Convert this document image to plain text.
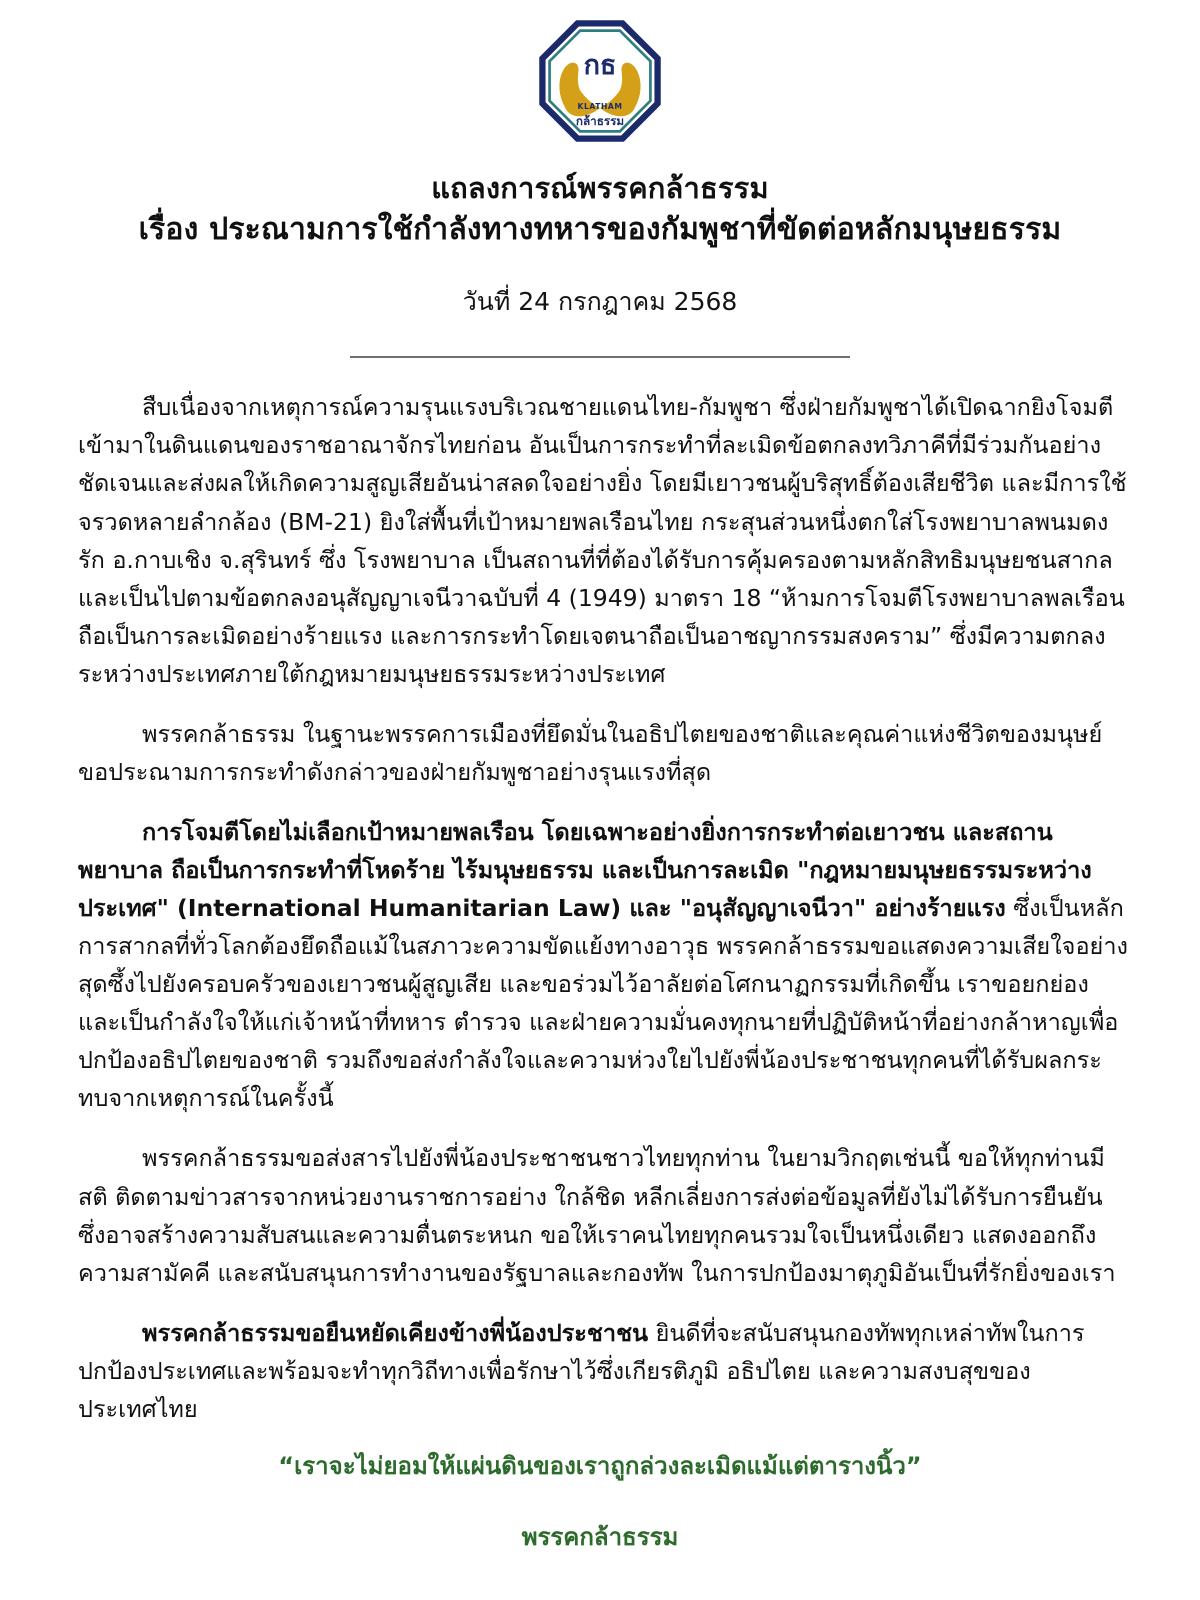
กธ
KLATHAM
กล้าธรรม
แถลงการณ์พรรคกล้าธรรม
เรื่อง ประณามการใช้กำลังทางทหารของกัมพูชาที่ขัดต่อหลักมนุษยธรรม
วันที่ 24 กรกฎาคม 2568

สืบเนื่องจากเหตุการณ์ความรุนแรงบริเวณชายแดนไทย-กัมพูชา ซึ่งฝ่ายกัมพูชาได้เปิดฉากยิงโจมตีเข้ามาในดินแดนของราชอาณาจักรไทยก่อน อันเป็นการกระทำที่ละเมิดข้อตกลงทวิภาคีที่มีร่วมกันอย่างชัดเจนและส่งผลให้เกิดความสูญเสียอันน่าสลดใจอย่างยิ่ง โดยมีเยาวชนผู้บริสุทธิ์ต้องเสียชีวิต และมีการใช้จรวดหลายลำกล้อง (BM-21) ยิงใส่พื้นที่เป้าหมายพลเรือนไทย กระสุนส่วนหนึ่งตกใส่โรงพยาบาลพนมดงรัก อ.กาบเชิง จ.สุรินทร์ ซึ่ง โรงพยาบาล เป็นสถานที่ที่ต้องได้รับการคุ้มครองตามหลักสิทธิมนุษยชนสากล และเป็นไปตามข้อตกลงอนุสัญญาเจนีวาฉบับที่ 4 (1949) มาตรา 18 “ห้ามการโจมตีโรงพยาบาลพลเรือน ถือเป็นการละเมิดอย่างร้ายแรง และการกระทำโดยเจตนาถือเป็นอาชญากรรมสงคราม” ซึ่งมีความตกลงระหว่างประเทศภายใต้กฎหมายมนุษยธรรมระหว่างประเทศ

พรรคกล้าธรรม ในฐานะพรรคการเมืองที่ยึดมั่นในอธิปไตยของชาติและคุณค่าแห่งชีวิตของมนุษย์ ขอประณามการกระทำดังกล่าวของฝ่ายกัมพูชาอย่างรุนแรงที่สุด

การโจมตีโดยไม่เลือกเป้าหมายพลเรือน โดยเฉพาะอย่างยิ่งการกระทำต่อเยาวชน และสถานพยาบาล ถือเป็นการกระทำที่โหดร้าย ไร้มนุษยธรรม และเป็นการละเมิด "กฎหมายมนุษยธรรมระหว่างประเทศ" (International Humanitarian Law) และ "อนุสัญญาเจนีวา" อย่างร้ายแรง ซึ่งเป็นหลักการสากลที่ทั่วโลกต้องยึดถือแม้ในสภาวะความขัดแย้งทางอาวุธ พรรคกล้าธรรมขอแสดงความเสียใจอย่างสุดซึ้งไปยังครอบครัวของเยาวชนผู้สูญเสีย และขอร่วมไว้อาลัยต่อโศกนาฏกรรมที่เกิดขึ้น เราขอยกย่องและเป็นกำลังใจให้แก่เจ้าหน้าที่ทหาร ตำรวจ และฝ่ายความมั่นคงทุกนายที่ปฏิบัติหน้าที่อย่างกล้าหาญเพื่อปกป้องอธิปไตยของชาติ รวมถึงขอส่งกำลังใจและความห่วงใยไปยังพี่น้องประชาชนทุกคนที่ได้รับผลกระทบจากเหตุการณ์ในครั้งนี้

พรรคกล้าธรรมขอส่งสารไปยังพี่น้องประชาชนชาวไทยทุกท่าน ในยามวิกฤตเช่นนี้ ขอให้ทุกท่านมีสติ ติดตามข่าวสารจากหน่วยงานราชการอย่าง ใกล้ชิด หลีกเลี่ยงการส่งต่อข้อมูลที่ยังไม่ได้รับการยืนยันซึ่งอาจสร้างความสับสนและความตื่นตระหนก ขอให้เราคนไทยทุกคนรวมใจเป็นหนึ่งเดียว แสดงออกถึงความสามัคคี และสนับสนุนการทำงานของรัฐบาลและกองทัพ ในการปกป้องมาตุภูมิอันเป็นที่รักยิ่งของเรา

พรรคกล้าธรรมขอยืนหยัดเคียงข้างพี่น้องประชาชน ยินดีที่จะสนับสนุนกองทัพทุกเหล่าทัพในการปกป้องประเทศและพร้อมจะทำทุกวิถีทางเพื่อรักษาไว้ซึ่งเกียรติภูมิ อธิปไตย และความสงบสุขของประเทศไทย

“เราจะไม่ยอมให้แผ่นดินของเราถูกล่วงละเมิดแม้แต่ตารางนิ้ว”
พรรคกล้าธรรม
